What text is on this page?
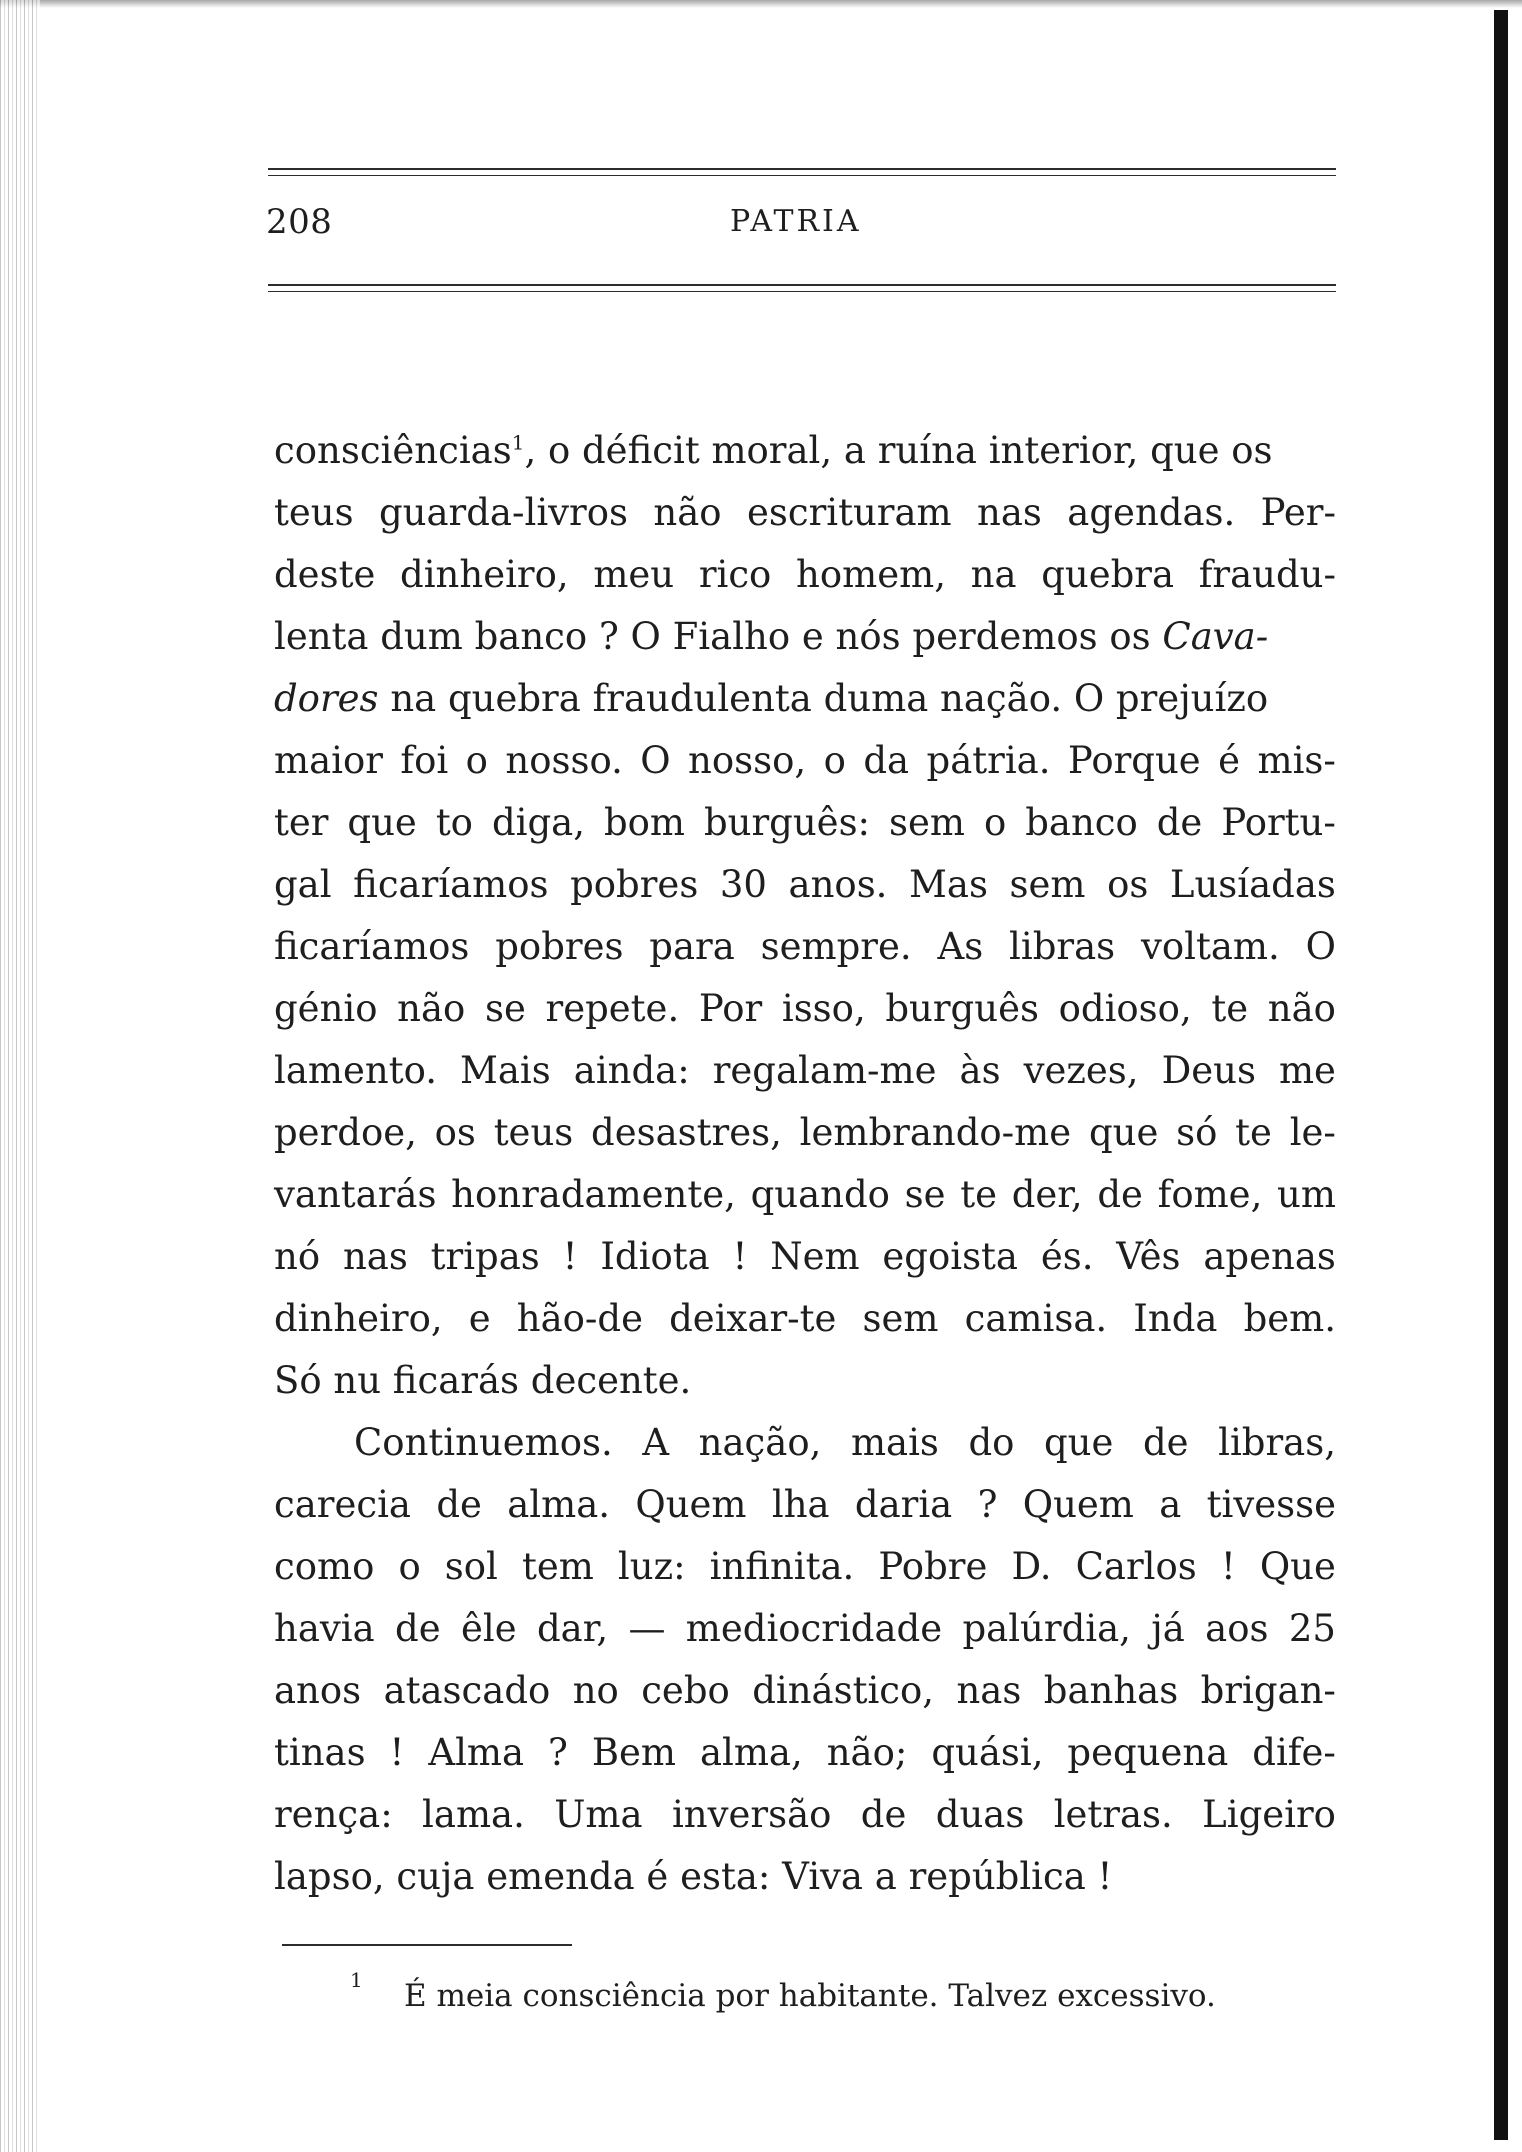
208	PATRIA
consciências$^1$, o déficit moral, a ruína interior, que os
teus guarda-livros não escrituram nas agendas. Per-
deste dinheiro, meu rico homem, na quebra fraudu-
lenta dum banco ? O Fialho e nós perdemos os Cava-
dores na quebra fraudulenta duma nação. O prejuízo
maior foi o nosso. O nosso, o da pátria. Porque é mis-
ter que to diga, bom burguês: sem o banco de Portu-
gal ficaríamos pobres 30 anos. Mas sem os Lusíadas
ficaríamos pobres para sempre. As libras voltam. O
génio não se repete. Por isso, burguês odioso, te não
lamento. Mais ainda: regalam-me às vezes, Deus me
perdoe, os teus desastres, lembrando-me que só te le-
vantarás honradamente, quando se te der, de fome, um
nó nas tripas ! Idiota ! Nem egoista és. Vês apenas
dinheiro, e hão-de deixar-te sem camisa. Inda bem.
Só nu ficarás decente.
Continuemos. A nação, mais do que de libras,
carecia de alma. Quem lha daria ? Quem a tivesse
como o sol tem luz: infinita. Pobre D. Carlos ! Que
havia de êle dar, — mediocridade palúrdia, já aos 25
anos atascado no cebo dinástico, nas banhas brigan-
tinas ! Alma ? Bem alma, não; quási, pequena dife-
rença: lama. Uma inversão de duas letras. Ligeiro
lapso, cuja emenda é esta: Viva a república !
1 É meia consciência por habitante. Talvez excessivo.
